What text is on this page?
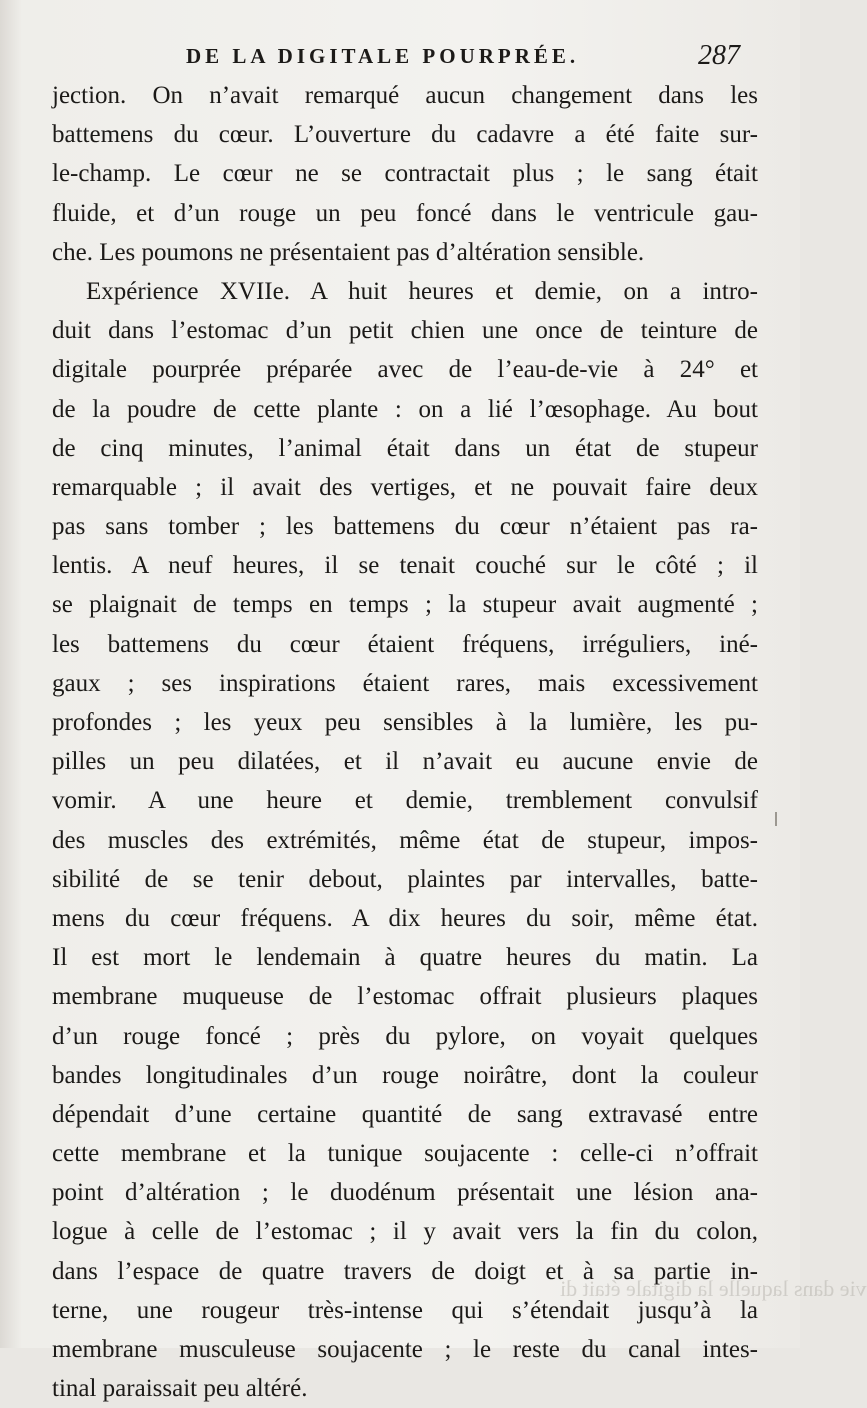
DE LA DIGITALE POURPRÉE.	287
jection. On n’avait remarqué aucun changement dans les
battemens du cœur. L’ouverture du cadavre a été faite sur-
le-champ. Le cœur ne se contractait plus ; le sang était
fluide, et d’un rouge un peu foncé dans le ventricule gau-
che. Les poumons ne présentaient pas d’altération sensible.
Expérience XVIIe. A huit heures et demie, on a intro-
duit dans l’estomac d’un petit chien une once de teinture de
digitale pourprée préparée avec de l’eau-de-vie à 24° et
de la poudre de cette plante : on a lié l’œsophage. Au bout
de cinq minutes, l’animal était dans un état de stupeur
remarquable ; il avait des vertiges, et ne pouvait faire deux
pas sans tomber ; les battemens du cœur n’étaient pas ra-
lentis. A neuf heures, il se tenait couché sur le côté ; il
se plaignait de temps en temps ; la stupeur avait augmenté ;
les battemens du cœur étaient fréquens, irréguliers, iné-
gaux ; ses inspirations étaient rares, mais excessivement
profondes ; les yeux peu sensibles à la lumière, les pu-
pilles un peu dilatées, et il n’avait eu aucune envie de
vomir. A une heure et demie, tremblement convulsif
des muscles des extrémités, même état de stupeur, impos-
sibilité de se tenir debout, plaintes par intervalles, batte-
mens du cœur fréquens. A dix heures du soir, même état.
Il est mort le lendemain à quatre heures du matin. La
membrane muqueuse de l’estomac offrait plusieurs plaques
d’un rouge foncé ; près du pylore, on voyait quelques
bandes longitudinales d’un rouge noirâtre, dont la couleur
dépendait d’une certaine quantité de sang extravasé entre
cette membrane et la tunique soujacente : celle-ci n’offrait
point d’altération ; le duodénum présentait une lésion ana-
logue à celle de l’estomac ; il y avait vers la fin du colon,
dans l’espace de quatre travers de doigt et à sa partie in-
terne, une rougeur très-intense qui s’étendait jusqu’à la
membrane musculeuse soujacente ; le reste du canal intes-
tinal paraissait peu altéré.
vie dans laquelle la digitale était di
